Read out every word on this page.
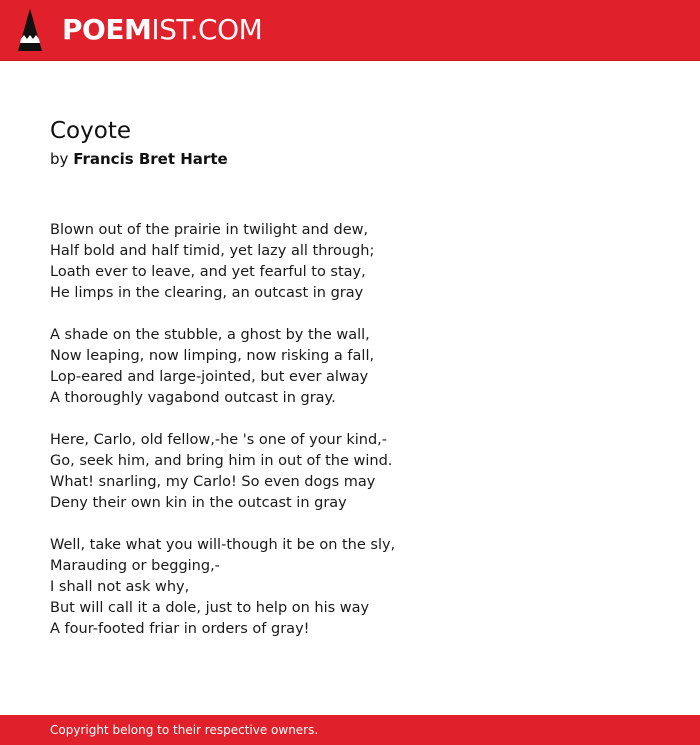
POEMIST.COM
Coyote
by Francis Bret Harte
Blown out of the prairie in twilight and dew,
Half bold and half timid, yet lazy all through;
Loath ever to leave, and yet fearful to stay,
He limps in the clearing, an outcast in gray
A shade on the stubble, a ghost by the wall,
Now leaping, now limping, now risking a fall,
Lop-eared and large-jointed, but ever alway
A thoroughly vagabond outcast in gray.
Here, Carlo, old fellow,-he 's one of your kind,-
Go, seek him, and bring him in out of the wind.
What! snarling, my Carlo! So even dogs may
Deny their own kin in the outcast in gray
Well, take what you will-though it be on the sly,
Marauding or begging,-
I shall not ask why,
But will call it a dole, just to help on his way
A four-footed friar in orders of gray!
Copyright belong to their respective owners.
